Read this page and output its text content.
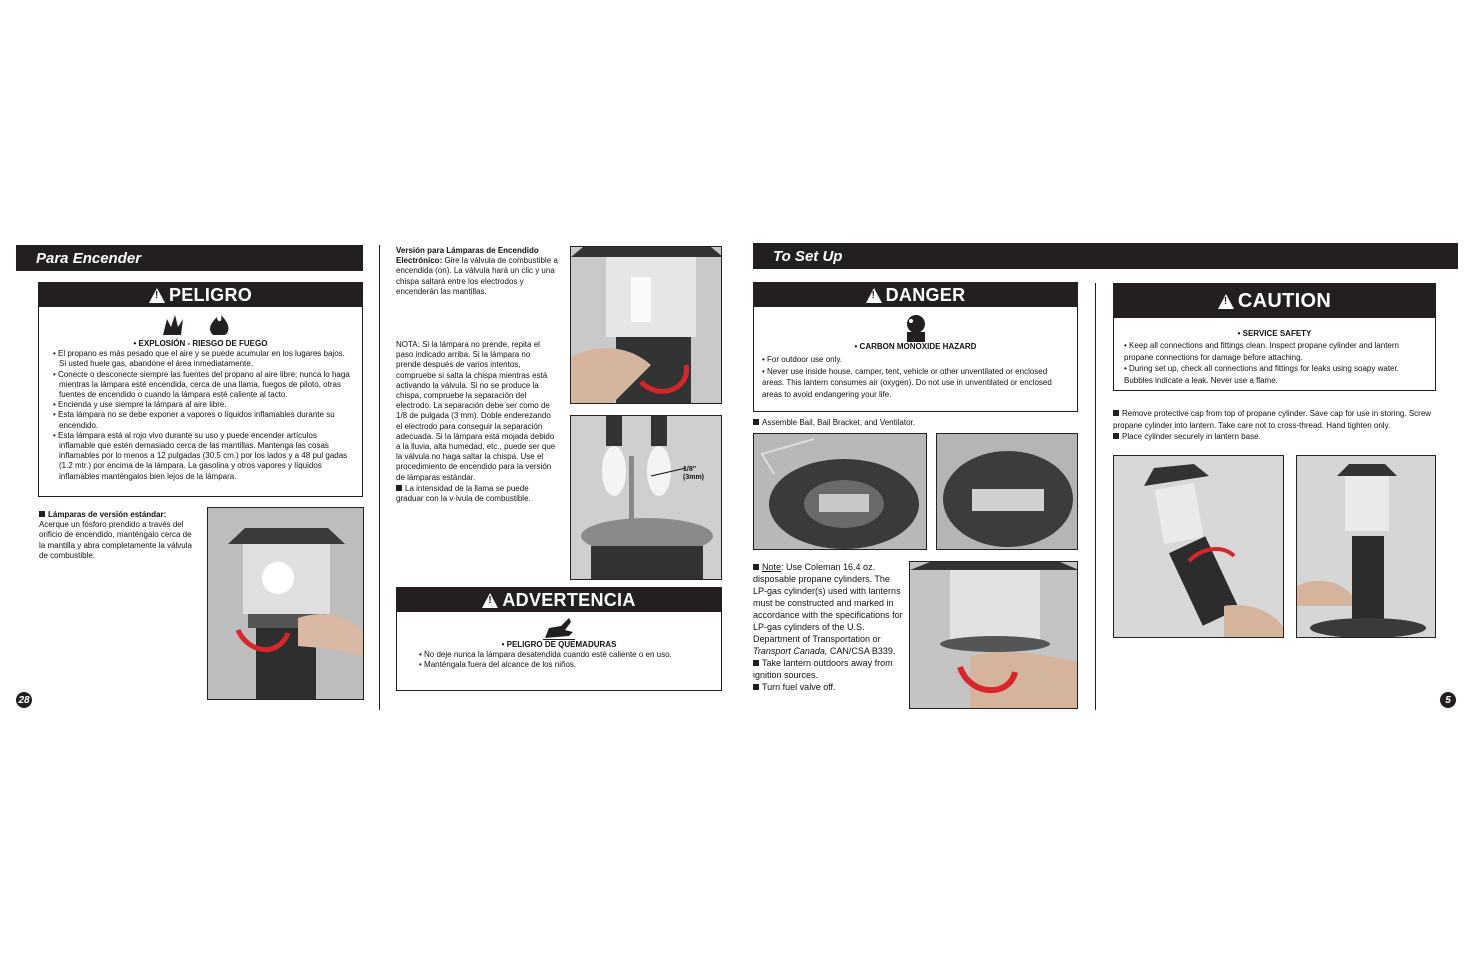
Para Encender
!
PELIGRO
• EXPLOSIÓN - RIESGO DE FUEGO
• El propano es más pesado que el aire y se puede acumular en los lugares bajos. Si usted huele gas, abandone el área inmediatamente.
• Conecte o desconecte siempre las fuentes del propano al aire libre; nunca lo haga mientras la lámpara esté encendida, cerca de una llama, fuegos de piloto, otras fuentes de encendido o cuando la lámpara esté caliente al tacto.
• Encienda y use siempre la lámpara al aire libre.
• Esta lámpara no se debe exponer a vapores o líquidos inflamables durante su encendido.
• Esta lámpara está al rojo vivo durante su uso y puede encender artículos inflamable que estén demasiado cerca de las mantillas. Mantenga las cosas inflamables por lo menos a 12 pulgadas (30.5 cm.) por los lados y a 48 pul gadas (1.2 mtr.) por encima de la lámpara. La gasolina y otros vapores y líquidos inflamables manténgalos bien lejos de la lámpara.
Lámparas de versión estándar:
Acerque un fósforo prendido a través del orificio de encendido, manténgalo cerca de la mantilla y abra completamente la válvula de combustible.
Versión para Lámparas de Encendido
Electrónico: Gire la válvula de combustible a encendida (on). La válvula hará un clic y una chispa saltará entre los electrodos y encenderán las mantillas.
NOTA: Si la lámpara no prende, repita el paso indicado arriba. Si la lámpara no prende después de varios intentos, compruebe si salta la chispa mientras está activando la válvula. Si no se produce la chispa, compruebe la separación del electrodo. La separación debe ser como de 1/8 de pulgada (3 mm). Doble enderezando el electrodo para conseguir la separación adecuada. Si la lámpara está mojada debido a la lluvia, alta humedad, etc., puede ser que la válvula no haga saltar la chispa. Use el procedimiento de encendido para la versión de lámparas estándar.
La intensidad de la llama se puede graduar con la v·lvula de combustible.
1/8"
(3mm)
!
ADVERTENCIA
• PELIGRO DE QUEMADURAS
• No deje nunca la lámpara desatendida cuando esté caliente o en uso.
• Manténgala fuera del alcance de los niños.
28
To Set Up
!
DANGER
• CARBON MONOXIDE HAZARD
• For outdoor use only.
• Never use inside house, camper, tent, vehicle or other unventilated or enclosed areas. This lantern consumes air (oxygen). Do not use in unventilated or enclosed areas to avoid endangering your life.
Assemble Bail, Bail Bracket, and Ventilator.
Note: Use Coleman 16.4 oz. disposable propane cylinders. The LP-gas cylinder(s) used with lanterns must be constructed and marked in accordance with the specifications for LP-gas cylinders of the U.S. Department of Transportation or Transport Canada, CAN/CSA B339.
Take lantern outdoors away from ignition sources.
Turn fuel valve off.
!
CAUTION
• SERVICE SAFETY
• Keep all connections and fittings clean. Inspect propane cylinder and lantern propane connections for damage before attaching.
• During set up, check all connections and fittings for leaks using soapy water. Bubbles indicate a leak. Never use a flame.
Remove protective cap from top of propane cylinder. Save cap for use in storing. Screw propane cylinder into lantern. Take care not to cross-thread. Hand tighten only.
Place cylinder securely in lantern base.
5
